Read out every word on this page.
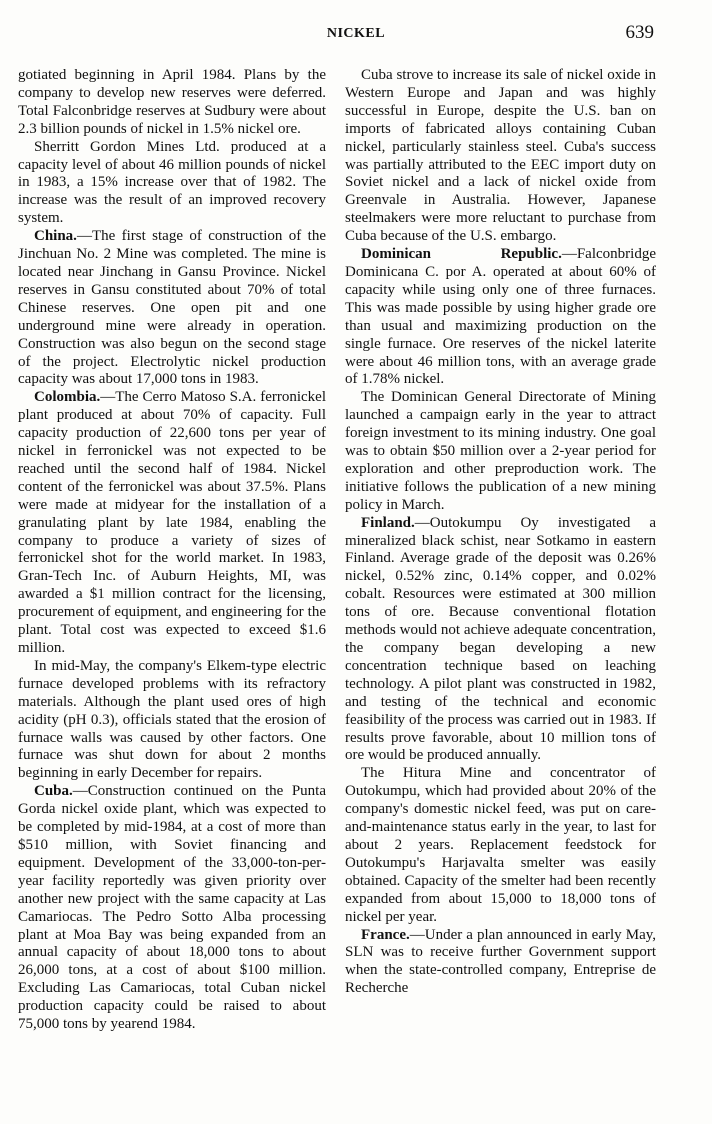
NICKEL	639

gotiated beginning in April 1984. Plans by the company to develop new reserves were deferred. Total Falconbridge reserves at Sudbury were about 2.3 billion pounds of nickel in 1.5% nickel ore.

Sherritt Gordon Mines Ltd. produced at a capacity level of about 46 million pounds of nickel in 1983, a 15% increase over that of 1982. The increase was the result of an improved recovery system.

China.—The first stage of construction of the Jinchuan No. 2 Mine was completed. The mine is located near Jinchang in Gansu Province. Nickel reserves in Gansu constituted about 70% of total Chinese reserves. One open pit and one underground mine were already in operation. Construction was also begun on the second stage of the project. Electrolytic nickel production capacity was about 17,000 tons in 1983.

Colombia.—The Cerro Matoso S.A. ferronickel plant produced at about 70% of capacity. Full capacity production of 22,600 tons per year of nickel in ferronickel was not expected to be reached until the second half of 1984. Nickel content of the ferronickel was about 37.5%. Plans were made at midyear for the installation of a granulating plant by late 1984, enabling the company to produce a variety of sizes of ferronickel shot for the world market. In 1983, Gran-Tech Inc. of Auburn Heights, MI, was awarded a $1 million contract for the licensing, procurement of equipment, and engineering for the plant. Total cost was expected to exceed $1.6 million.

In mid-May, the company's Elkem-type electric furnace developed problems with its refractory materials. Although the plant used ores of high acidity (pH 0.3), officials stated that the erosion of furnace walls was caused by other factors. One furnace was shut down for about 2 months beginning in early December for repairs.

Cuba.—Construction continued on the Punta Gorda nickel oxide plant, which was expected to be completed by mid-1984, at a cost of more than $510 million, with Soviet financing and equipment. Development of the 33,000-ton-per-year facility reportedly was given priority over another new project with the same capacity at Las Camariocas. The Pedro Sotto Alba processing plant at Moa Bay was being expanded from an annual capacity of about 18,000 tons to about 26,000 tons, at a cost of about $100 million. Excluding Las Camariocas, total Cuban nickel production capacity could be raised to about 75,000 tons by yearend 1984.

Cuba strove to increase its sale of nickel oxide in Western Europe and Japan and was highly successful in Europe, despite the U.S. ban on imports of fabricated alloys containing Cuban nickel, particularly stainless steel. Cuba's success was partially attributed to the EEC import duty on Soviet nickel and a lack of nickel oxide from Greenvale in Australia. However, Japanese steelmakers were more reluctant to purchase from Cuba because of the U.S. embargo.

Dominican Republic.—Falconbridge Dominicana C. por A. operated at about 60% of capacity while using only one of three furnaces. This was made possible by using higher grade ore than usual and maximizing production on the single furnace. Ore reserves of the nickel laterite were about 46 million tons, with an average grade of 1.78% nickel.

The Dominican General Directorate of Mining launched a campaign early in the year to attract foreign investment to its mining industry. One goal was to obtain $50 million over a 2-year period for exploration and other preproduction work. The initiative follows the publication of a new mining policy in March.

Finland.—Outokumpu Oy investigated a mineralized black schist, near Sotkamo in eastern Finland. Average grade of the deposit was 0.26% nickel, 0.52% zinc, 0.14% copper, and 0.02% cobalt. Resources were estimated at 300 million tons of ore. Because conventional flotation methods would not achieve adequate concentration, the company began developing a new concentration technique based on leaching technology. A pilot plant was constructed in 1982, and testing of the technical and economic feasibility of the process was carried out in 1983. If results prove favorable, about 10 million tons of ore would be produced annually.

The Hitura Mine and concentrator of Outokumpu, which had provided about 20% of the company's domestic nickel feed, was put on care-and-maintenance status early in the year, to last for about 2 years. Replacement feedstock for Outokumpu's Harjavalta smelter was easily obtained. Capacity of the smelter had been recently expanded from about 15,000 to 18,000 tons of nickel per year.

France.—Under a plan announced in early May, SLN was to receive further Government support when the state-controlled company, Entreprise de Recherche
